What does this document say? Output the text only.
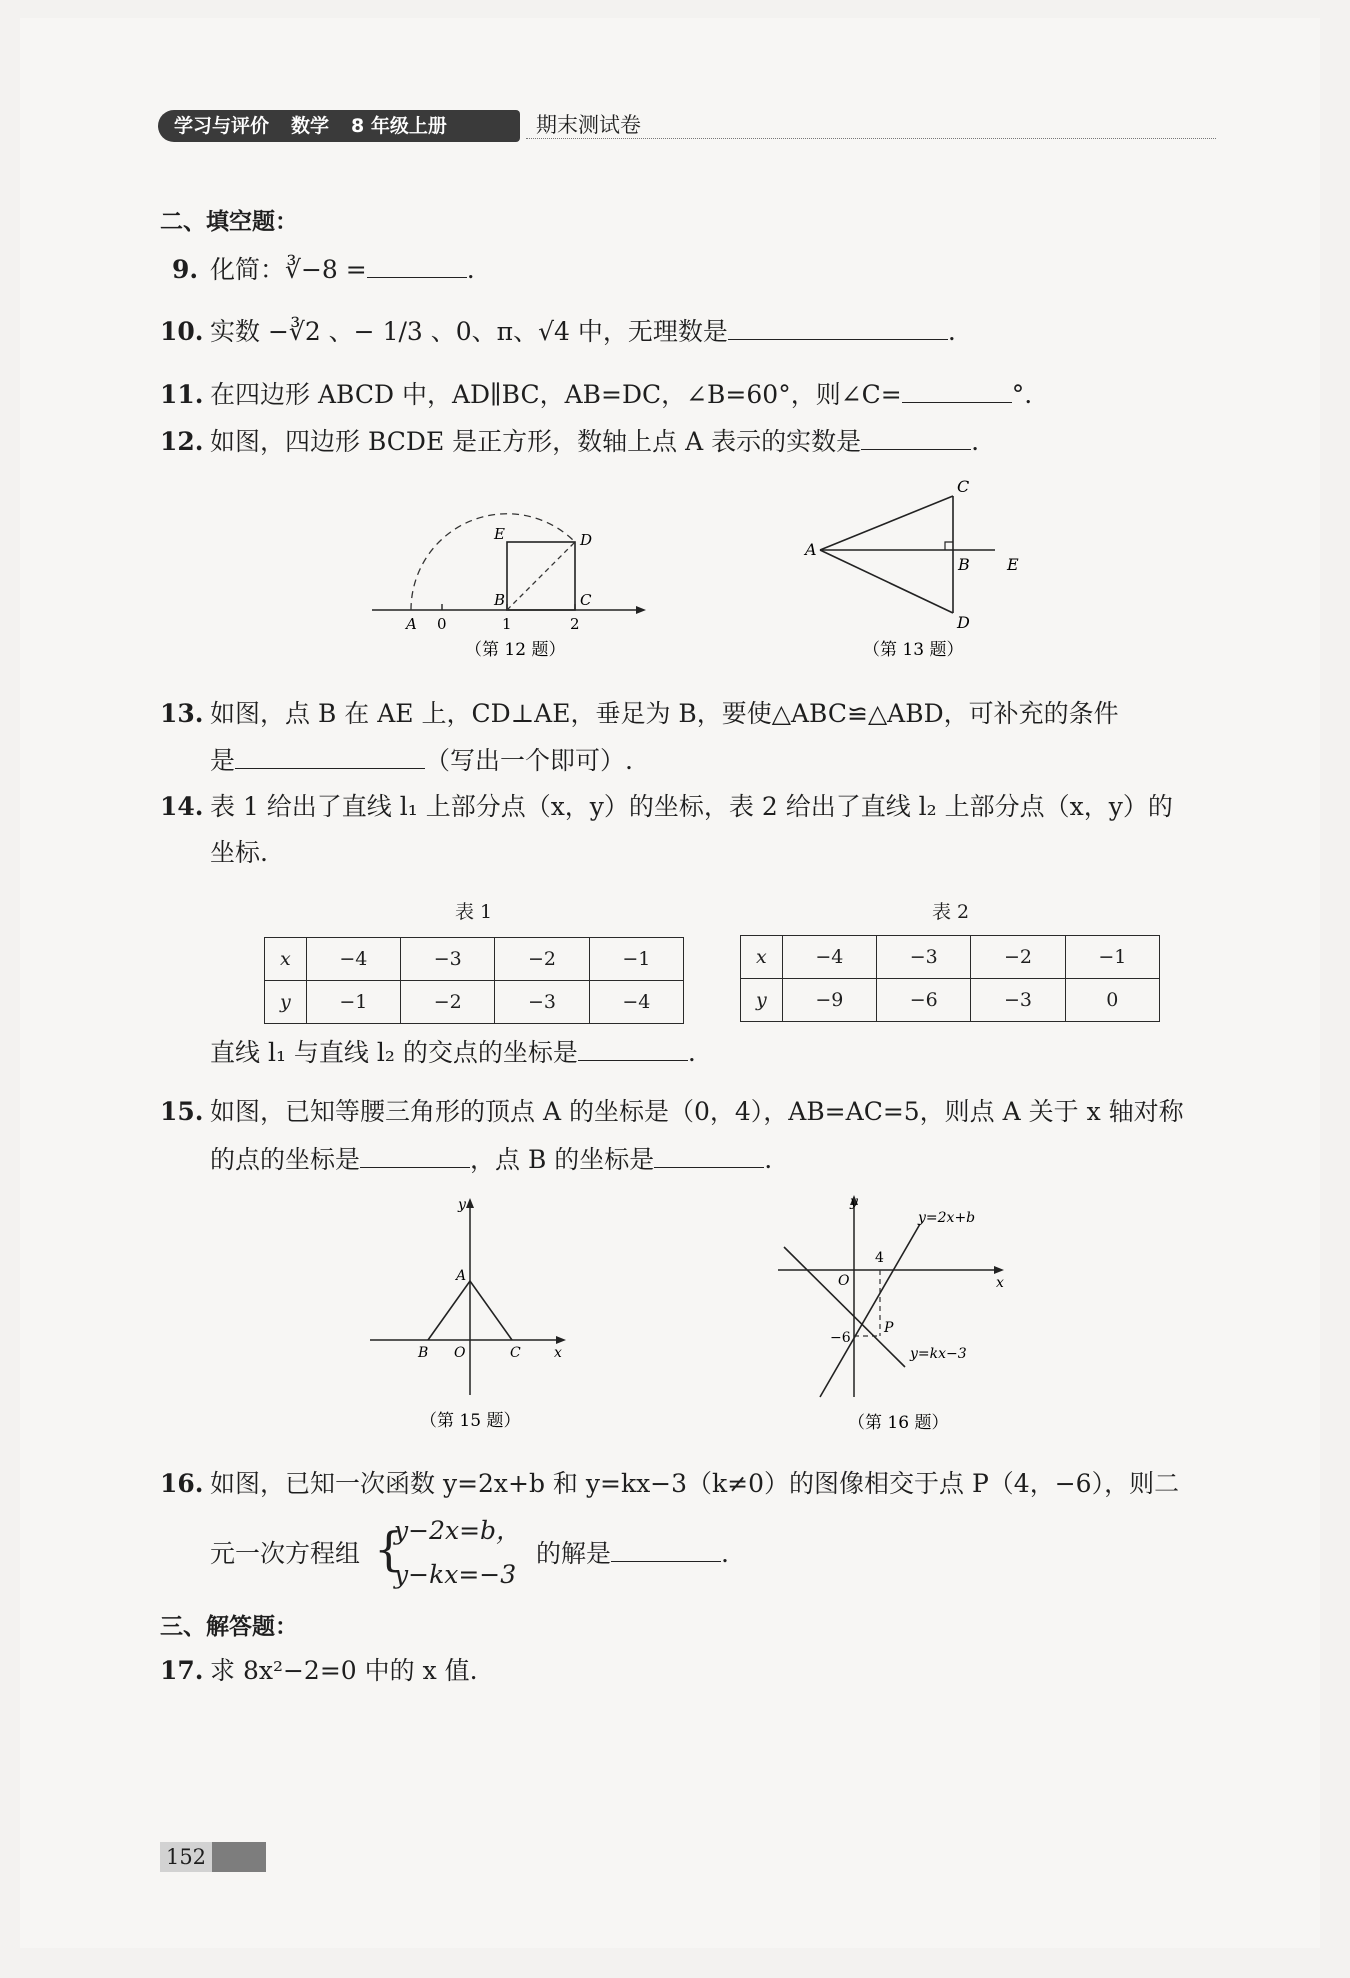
学习与评价 数学 8 年级上册	期末测试卷
二、填空题：
9. 化简：∛−8 =	.
10. 实数 −∛2 、− 1/3 、0、π、√4 中，无理数是	.
11. 在四边形 ABCD 中，AD∥BC，AB=DC，∠B=60°，则∠C=	°.
12. 如图，四边形 BCDE 是正方形，数轴上点 A 表示的实数是	.
E	D
B	C
A 0	1	2
（第 12 题）
A
B
C
D
E
（第 13 题）
13. 如图，点 B 在 AE 上，CD⊥AE，垂足为 B，要使△ABC≌△ABD，可补充的条件
是	（写出一个即可）.
14. 表 1 给出了直线 l₁ 上部分点（x，y）的坐标，表 2 给出了直线 l₂ 上部分点（x，y）的
坐标.
表 1	表 2
x	−4	−3	−2	−1
y	−1	−2	−3	−4
x	−4	−3	−2	−1
y	−9	−6	−3	0
直线 l₁ 与直线 l₂ 的交点的坐标是	.
15. 如图，已知等腰三角形的顶点 A 的坐标是（0，4），AB=AC=5，则点 A 关于 x 轴对称
的点的坐标是	，点 B 的坐标是	.
y
x
A
B O	C
（第 15 题）
y
x
O
4
−6
P
y=2x+b
y=kx−3
（第 16 题）
16. 如图，已知一次函数 y=2x+b 和 y=kx−3（k≠0）的图像相交于点 P（4，−6），则二
元一次方程组 {
y−2x=b，
y−kx=−3
的解是	.
三、解答题：
17. 求 8x²−2=0 中的 x 值.
152
